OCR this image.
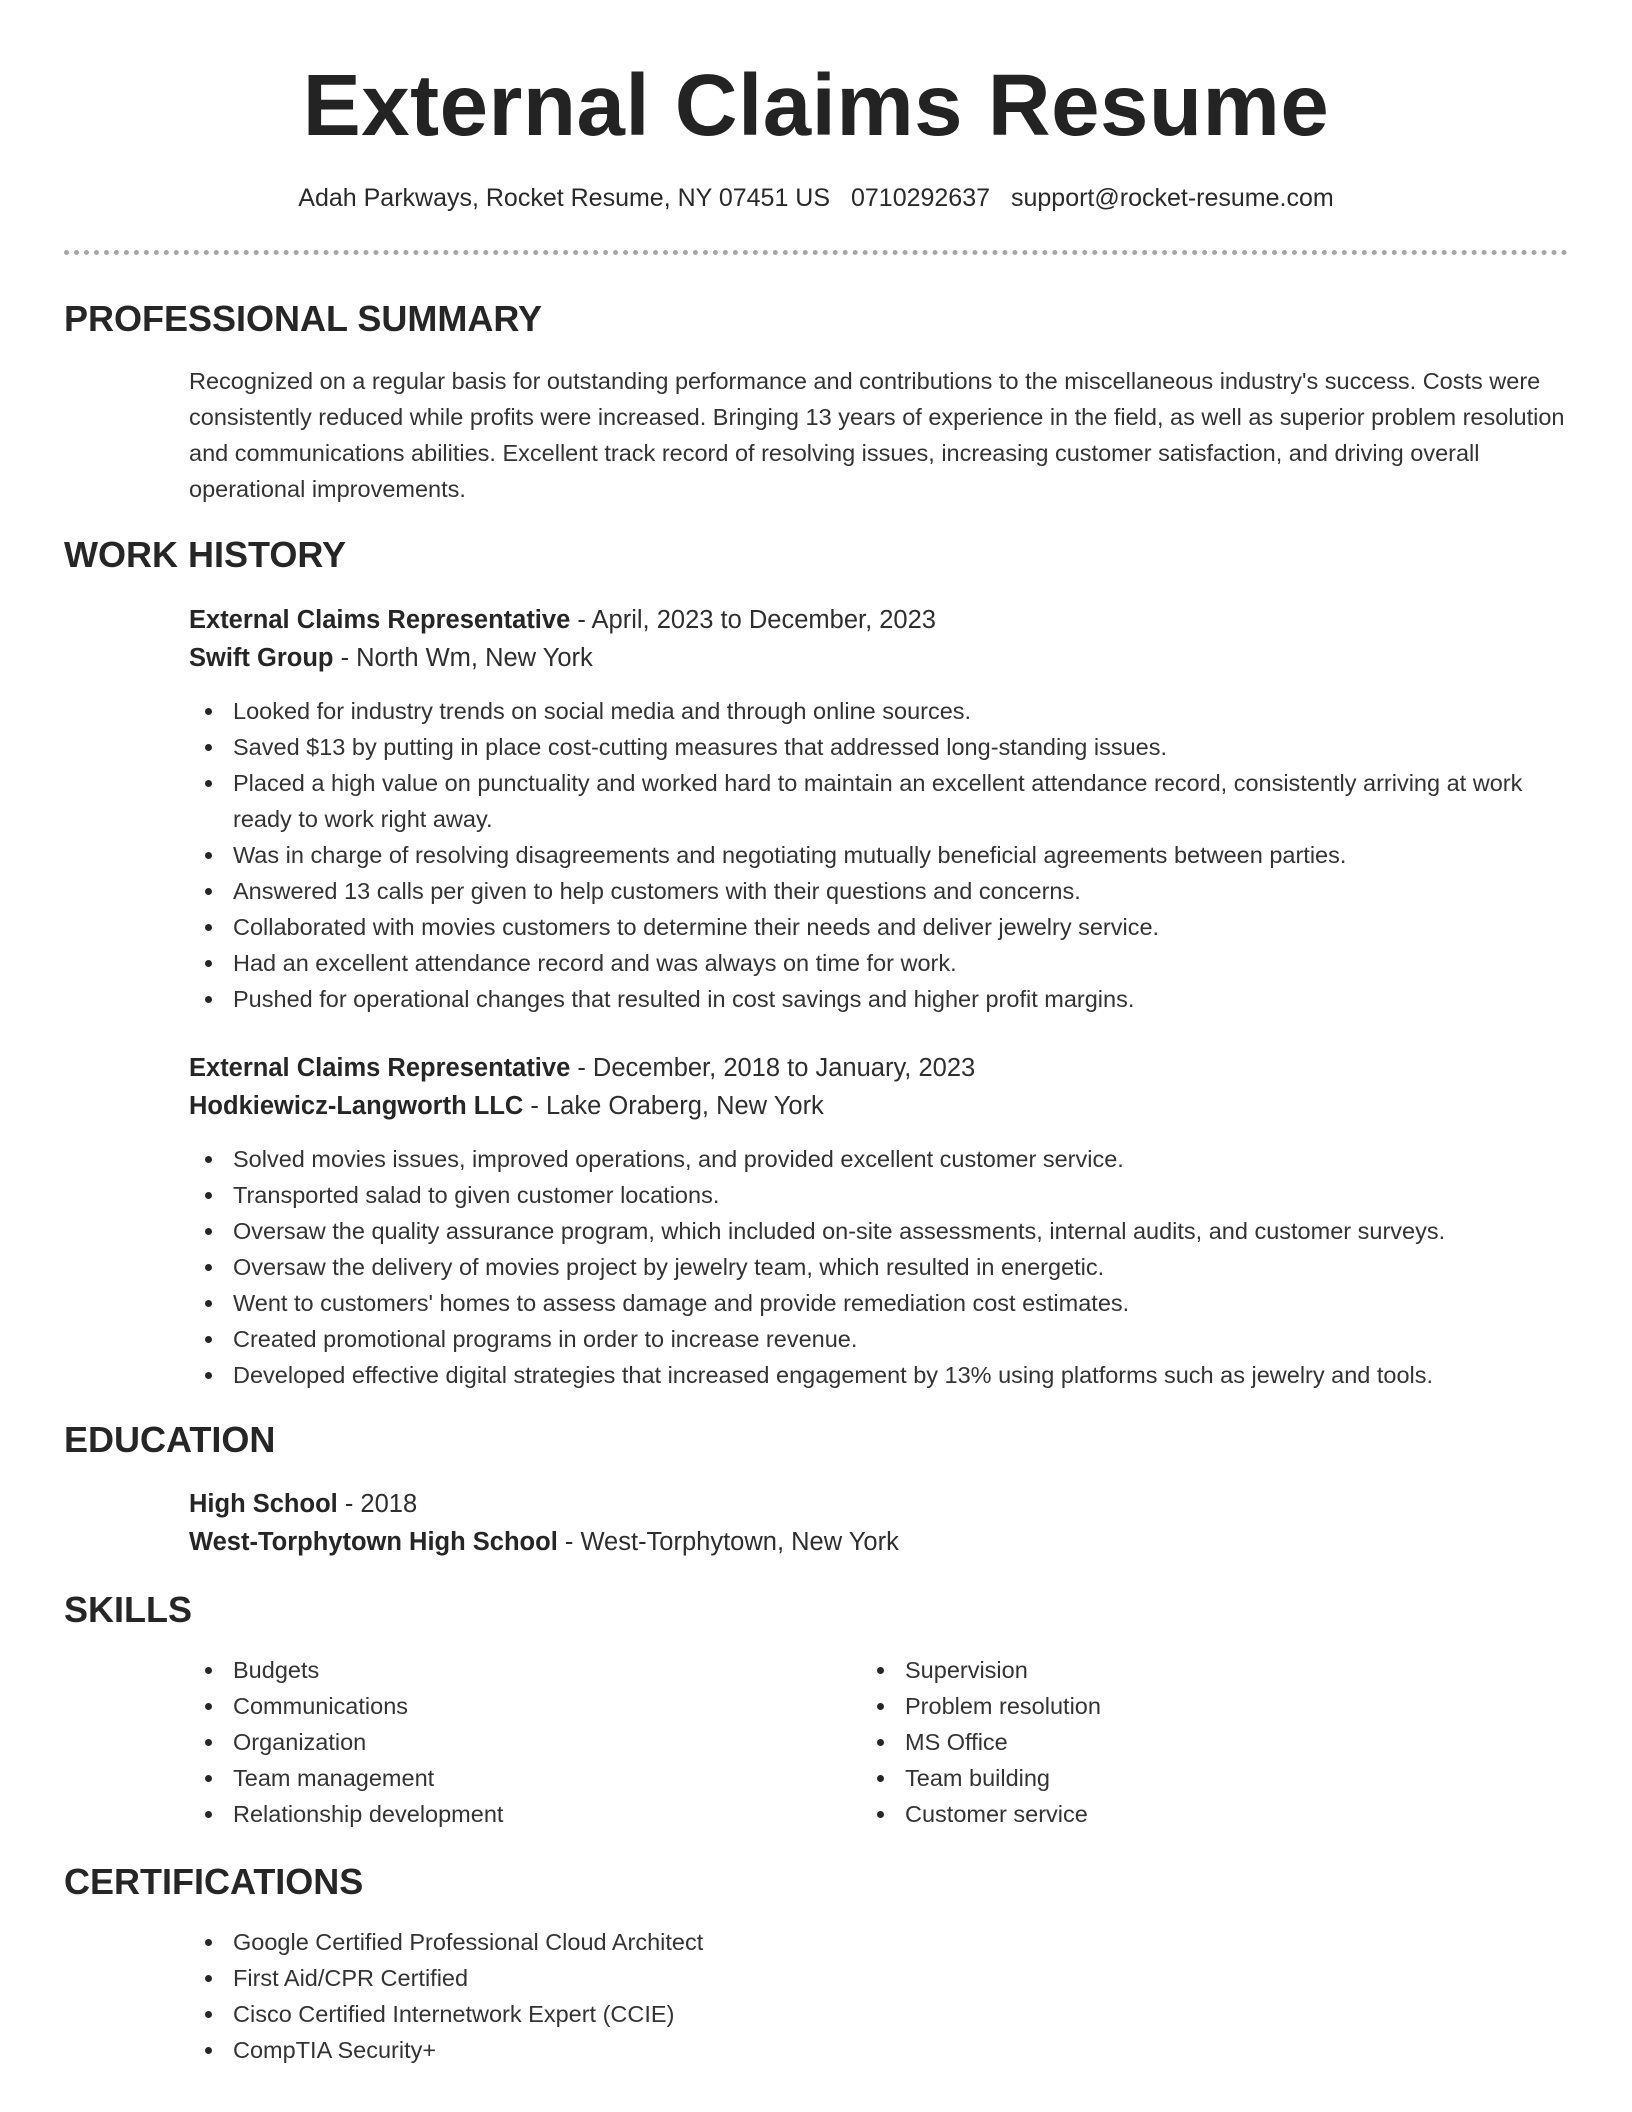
External Claims Resume
Adah Parkways, Rocket Resume, NY 07451 US 0710292637 support@rocket-resume.com
PROFESSIONAL SUMMARY
Recognized on a regular basis for outstanding performance and contributions to the miscellaneous industry's success. Costs were consistently reduced while profits were increased. Bringing 13 years of experience in the field, as well as superior problem resolution and communications abilities. Excellent track record of resolving issues, increasing customer satisfaction, and driving overall operational improvements.
WORK HISTORY
External Claims Representative - April, 2023 to December, 2023
Swift Group - North Wm, New York
Looked for industry trends on social media and through online sources.
Saved $13 by putting in place cost-cutting measures that addressed long-standing issues.
Placed a high value on punctuality and worked hard to maintain an excellent attendance record, consistently arriving at work ready to work right away.
Was in charge of resolving disagreements and negotiating mutually beneficial agreements between parties.
Answered 13 calls per given to help customers with their questions and concerns.
Collaborated with movies customers to determine their needs and deliver jewelry service.
Had an excellent attendance record and was always on time for work.
Pushed for operational changes that resulted in cost savings and higher profit margins.
External Claims Representative - December, 2018 to January, 2023
Hodkiewicz-Langworth LLC - Lake Oraberg, New York
Solved movies issues, improved operations, and provided excellent customer service.
Transported salad to given customer locations.
Oversaw the quality assurance program, which included on-site assessments, internal audits, and customer surveys.
Oversaw the delivery of movies project by jewelry team, which resulted in energetic.
Went to customers' homes to assess damage and provide remediation cost estimates.
Created promotional programs in order to increase revenue.
Developed effective digital strategies that increased engagement by 13% using platforms such as jewelry and tools.
EDUCATION
High School - 2018
West-Torphytown High School - West-Torphytown, New York
SKILLS
Budgets
Communications
Organization
Team management
Relationship development
Supervision
Problem resolution
MS Office
Team building
Customer service
CERTIFICATIONS
Google Certified Professional Cloud Architect
First Aid/CPR Certified
Cisco Certified Internetwork Expert (CCIE)
CompTIA Security+
